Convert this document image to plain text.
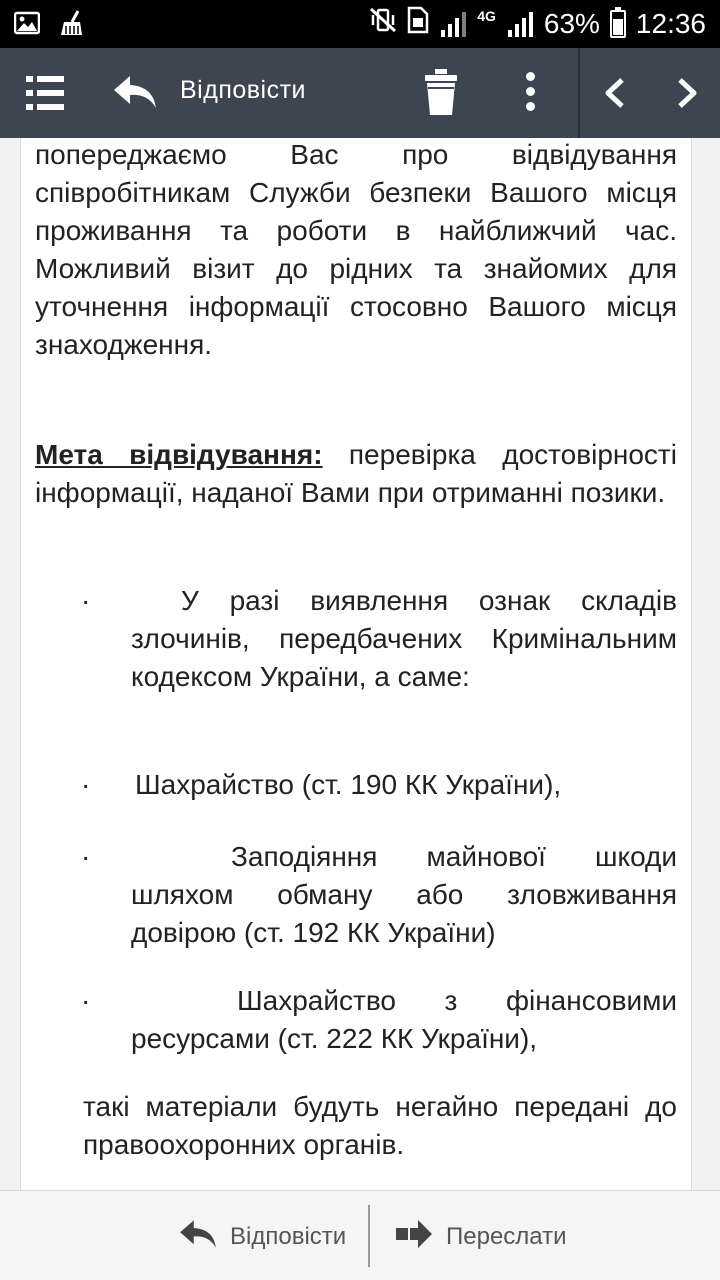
4G 63% 12:36
Відповісти

попереджаємо Вас про відвідування співробітникам Служби безпеки Вашого місця проживання та роботи в найближчий час. Можливий візит до рідних та знайомих для уточнення інформації стосовно Вашого місця знаходження.

Мета відвідування: перевірка достовірності інформації, наданої Вами при отриманні позики.

·	У разі виявлення ознак складів злочинів, передбачених Кримінальним кодексом України, а саме:

· Шахрайство (ст. 190 КК України),

·	Заподіяння майнової шкоди шляхом обману або зловживання довірою (ст. 192 КК України)

·	Шахрайство з фінансовими ресурсами (ст. 222 КК України),

такі матеріали будуть негайно передані до правоохоронних органів.

Відповісти	Переслати
